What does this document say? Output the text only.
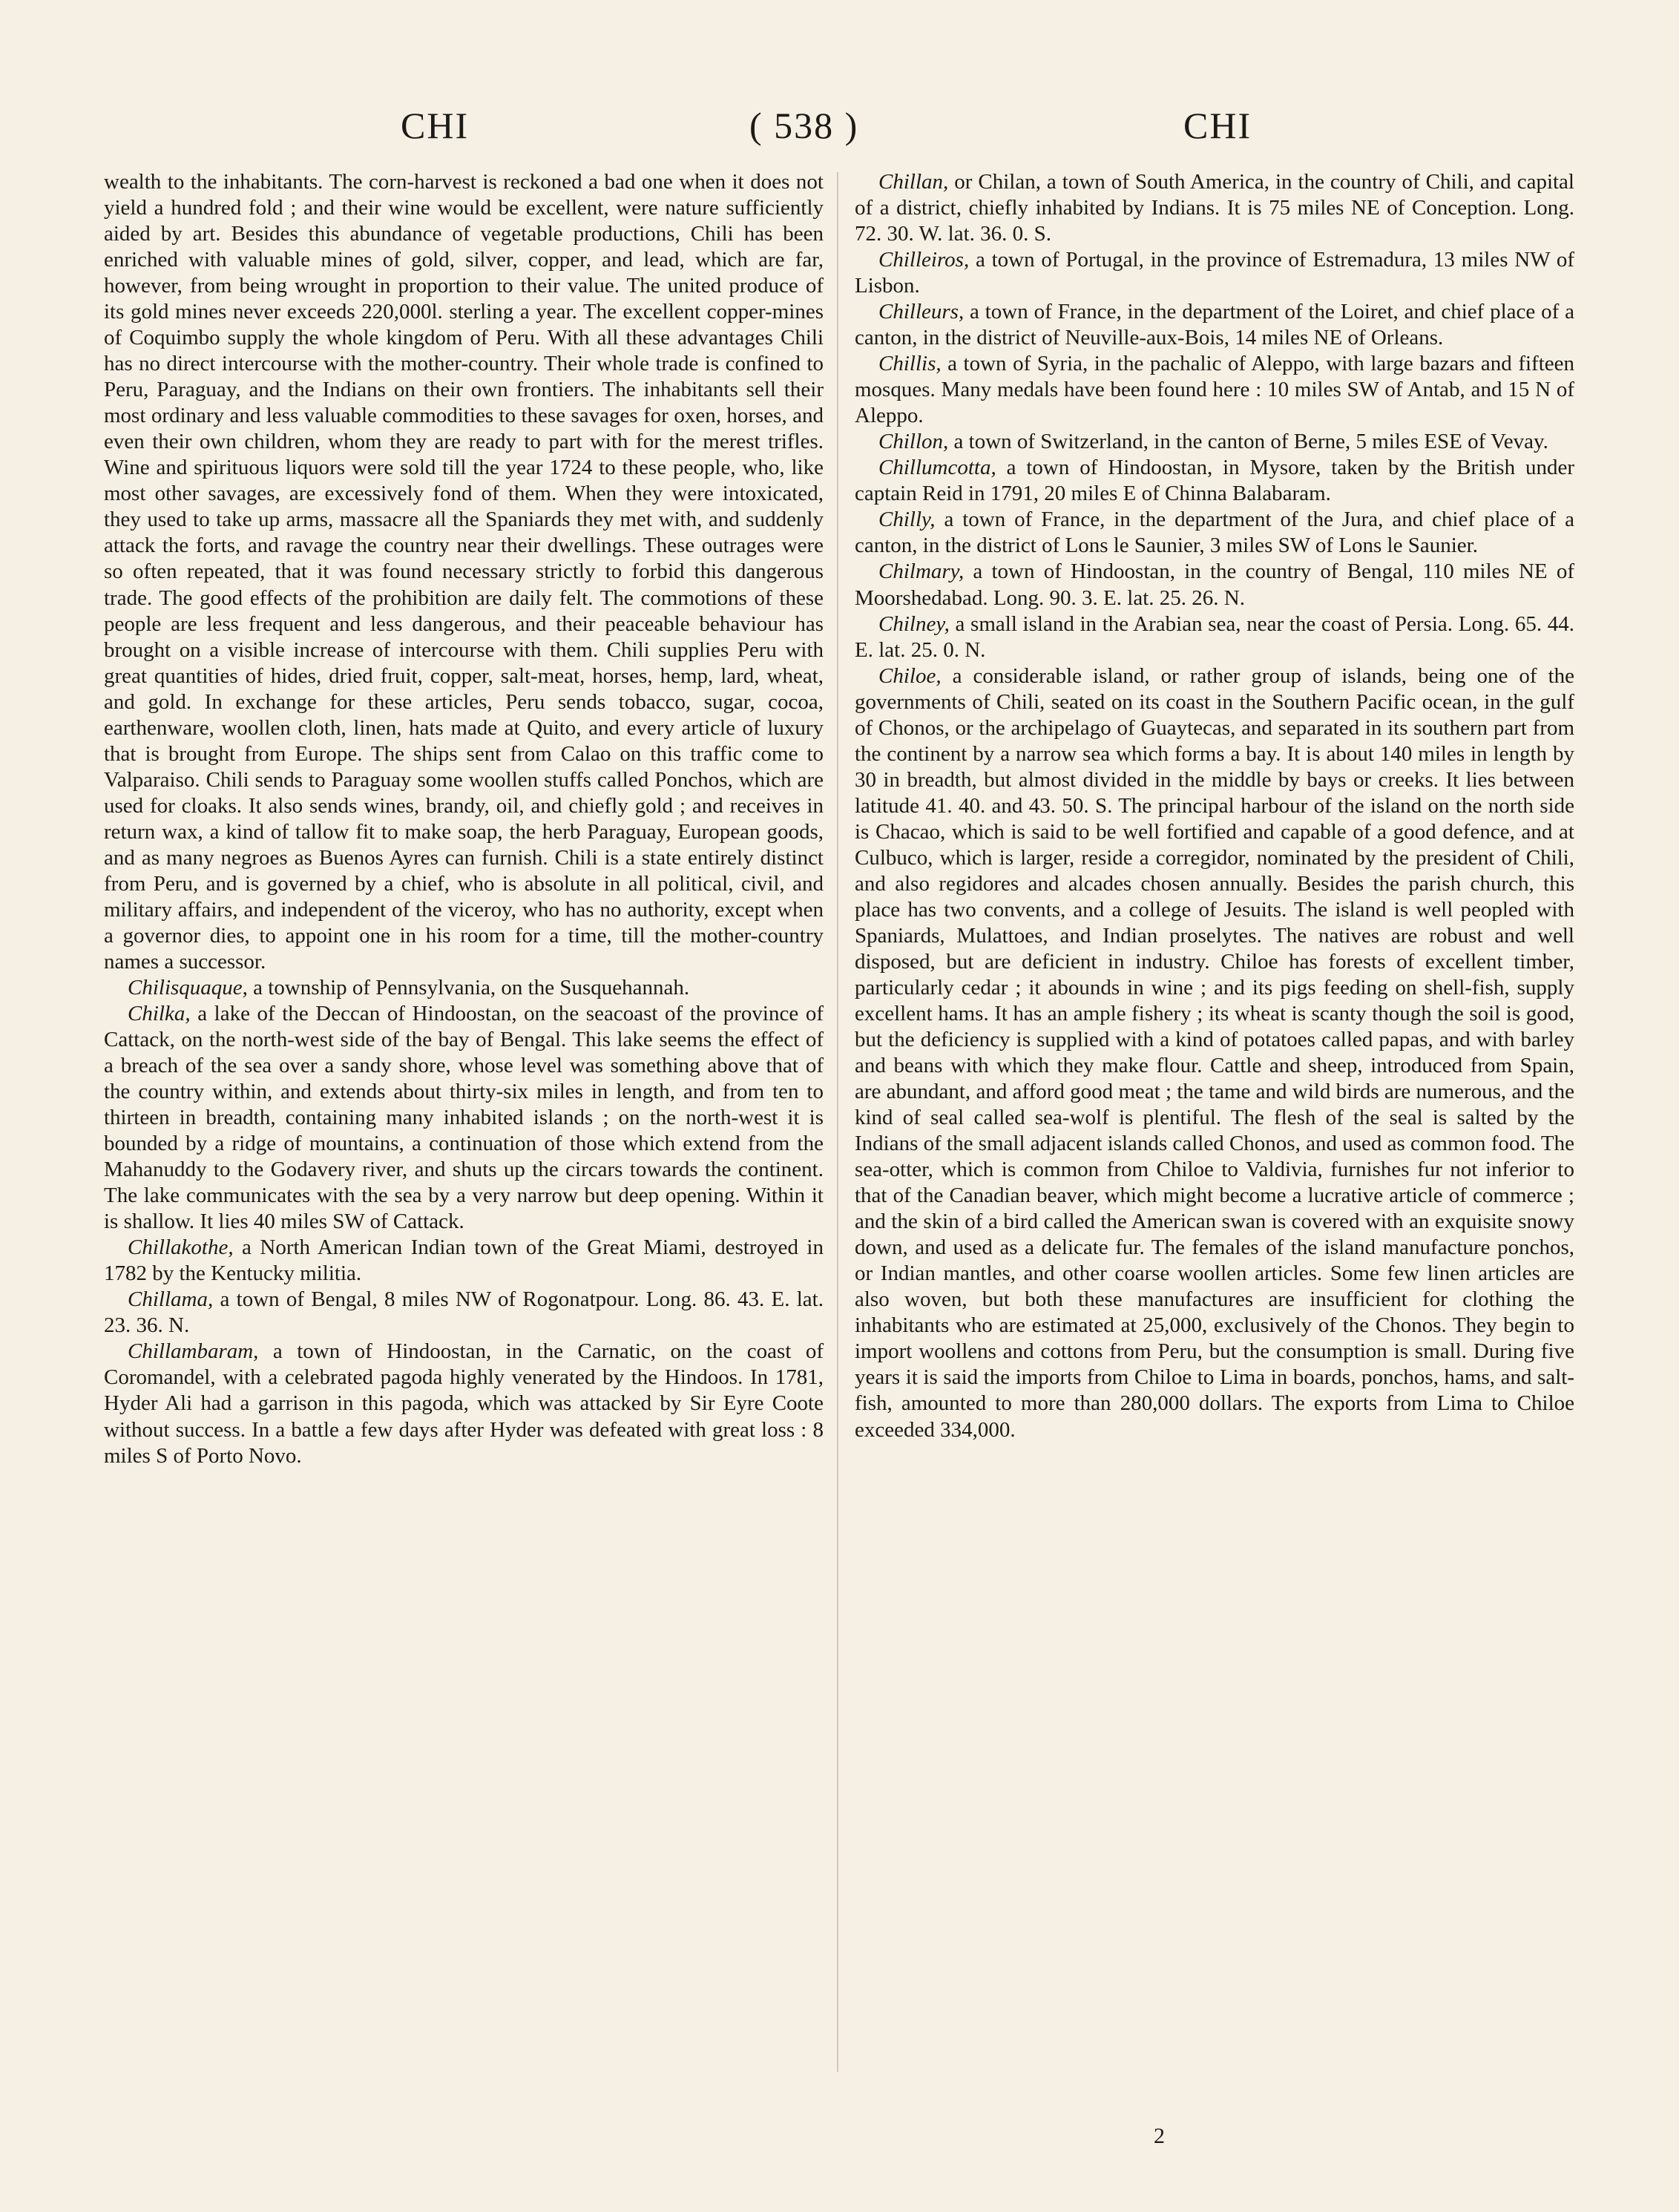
CHI	( 538 )	CHI

wealth to the inhabitants. The corn-harvest is reckoned a bad one when it does not yield a hundred fold ; and their wine would be excellent, were nature sufficiently aided by art. Besides this abundance of vegetable productions, Chili has been enriched with valuable mines of gold, silver, copper, and lead, which are far, however, from being wrought in proportion to their value. The united produce of its gold mines never exceeds 220,000l. sterling a year. The excellent copper-mines of Coquimbo supply the whole kingdom of Peru. With all these advantages Chili has no direct intercourse with the mother-country. Their whole trade is confined to Peru, Paraguay, and the Indians on their own frontiers. The inhabitants sell their most ordinary and less valuable commodities to these savages for oxen, horses, and even their own children, whom they are ready to part with for the merest trifles. Wine and spirituous liquors were sold till the year 1724 to these people, who, like most other savages, are excessively fond of them. When they were intoxicated, they used to take up arms, massacre all the Spaniards they met with, and suddenly attack the forts, and ravage the country near their dwellings. These outrages were so often repeated, that it was found necessary strictly to forbid this dangerous trade. The good effects of the prohibition are daily felt. The commotions of these people are less frequent and less dangerous, and their peaceable behaviour has brought on a visible increase of intercourse with them. Chili supplies Peru with great quantities of hides, dried fruit, copper, salt-meat, horses, hemp, lard, wheat, and gold. In exchange for these articles, Peru sends tobacco, sugar, cocoa, earthenware, woollen cloth, linen, hats made at Quito, and every article of luxury that is brought from Europe. The ships sent from Calao on this traffic come to Valparaiso. Chili sends to Paraguay some woollen stuffs called Ponchos, which are used for cloaks. It also sends wines, brandy, oil, and chiefly gold ; and receives in return wax, a kind of tallow fit to make soap, the herb Paraguay, European goods, and as many negroes as Buenos Ayres can furnish. Chili is a state entirely distinct from Peru, and is governed by a chief, who is absolute in all political, civil, and military affairs, and independent of the viceroy, who has no authority, except when a governor dies, to appoint one in his room for a time, till the mother-country names a successor.

Chilisquaque, a township of Pennsylvania, on the Susquehannah.

Chilka, a lake of the Deccan of Hindoostan, on the seacoast of the province of Cattack, on the north-west side of the bay of Bengal. This lake seems the effect of a breach of the sea over a sandy shore, whose level was something above that of the country within, and extends about thirty-six miles in length, and from ten to thirteen in breadth, containing many inhabited islands ; on the north-west it is bounded by a ridge of mountains, a continuation of those which extend from the Mahanuddy to the Godavery river, and shuts up the circars towards the continent. The lake communicates with the sea by a very narrow but deep opening. Within it is shallow. It lies 40 miles SW of Cattack.

Chillakothe, a North American Indian town of the Great Miami, destroyed in 1782 by the Kentucky militia.

Chillama, a town of Bengal, 8 miles NW of Rogonatpour. Long. 86. 43. E. lat. 23. 36. N.

Chillambaram, a town of Hindoostan, in the Carnatic, on the coast of Coromandel, with a celebrated pagoda highly venerated by the Hindoos. In 1781, Hyder Ali had a garrison in this pagoda, which was attacked by Sir Eyre Coote without success. In a battle a few days after Hyder was defeated with great loss : 8 miles S of Porto Novo.

Chillan, or Chilan, a town of South America, in the country of Chili, and capital of a district, chiefly inhabited by Indians. It is 75 miles NE of Conception. Long. 72. 30. W. lat. 36. 0. S.

Chilleiros, a town of Portugal, in the province of Estremadura, 13 miles NW of Lisbon.

Chilleurs, a town of France, in the department of the Loiret, and chief place of a canton, in the district of Neuville-aux-Bois, 14 miles NE of Orleans.

Chillis, a town of Syria, in the pachalic of Aleppo, with large bazars and fifteen mosques. Many medals have been found here : 10 miles SW of Antab, and 15 N of Aleppo.

Chillon, a town of Switzerland, in the canton of Berne, 5 miles ESE of Vevay.

Chillumcotta, a town of Hindoostan, in Mysore, taken by the British under captain Reid in 1791, 20 miles E of Chinna Balabaram.

Chilly, a town of France, in the department of the Jura, and chief place of a canton, in the district of Lons le Saunier, 3 miles SW of Lons le Saunier.

Chilmary, a town of Hindoostan, in the country of Bengal, 110 miles NE of Moorshedabad. Long. 90. 3. E. lat. 25. 26. N.

Chilney, a small island in the Arabian sea, near the coast of Persia. Long. 65. 44. E. lat. 25. 0. N.

Chiloe, a considerable island, or rather group of islands, being one of the governments of Chili, seated on its coast in the Southern Pacific ocean, in the gulf of Chonos, or the archipelago of Guaytecas, and separated in its southern part from the continent by a narrow sea which forms a bay. It is about 140 miles in length by 30 in breadth, but almost divided in the middle by bays or creeks. It lies between latitude 41. 40. and 43. 50. S. The principal harbour of the island on the north side is Chacao, which is said to be well fortified and capable of a good defence, and at Culbuco, which is larger, reside a corregidor, nominated by the president of Chili, and also regidores and alcades chosen annually. Besides the parish church, this place has two convents, and a college of Jesuits. The island is well peopled with Spaniards, Mulattoes, and Indian proselytes. The natives are robust and well disposed, but are deficient in industry. Chiloe has forests of excellent timber, particularly cedar ; it abounds in wine ; and its pigs feeding on shell-fish, supply excellent hams. It has an ample fishery ; its wheat is scanty though the soil is good, but the deficiency is supplied with a kind of potatoes called papas, and with barley and beans with which they make flour. Cattle and sheep, introduced from Spain, are abundant, and afford good meat ; the tame and wild birds are numerous, and the kind of seal called sea-wolf is plentiful. The flesh of the seal is salted by the Indians of the small adjacent islands called Chonos, and used as common food. The sea-otter, which is common from Chiloe to Valdivia, furnishes fur not inferior to that of the Canadian beaver, which might become a lucrative article of commerce ; and the skin of a bird called the American swan is covered with an exquisite snowy down, and used as a delicate fur. The females of the island manufacture ponchos, or Indian mantles, and other coarse woollen articles. Some few linen articles are also woven, but both these manufactures are insufficient for clothing the inhabitants who are estimated at 25,000, exclusively of the Chonos. They begin to import woollens and cottons from Peru, but the consumption is small. During five years it is said the imports from Chiloe to Lima in boards, ponchos, hams, and salt-fish, amounted to more than 280,000 dollars. The exports from Lima to Chiloe exceeded 334,000.

2
